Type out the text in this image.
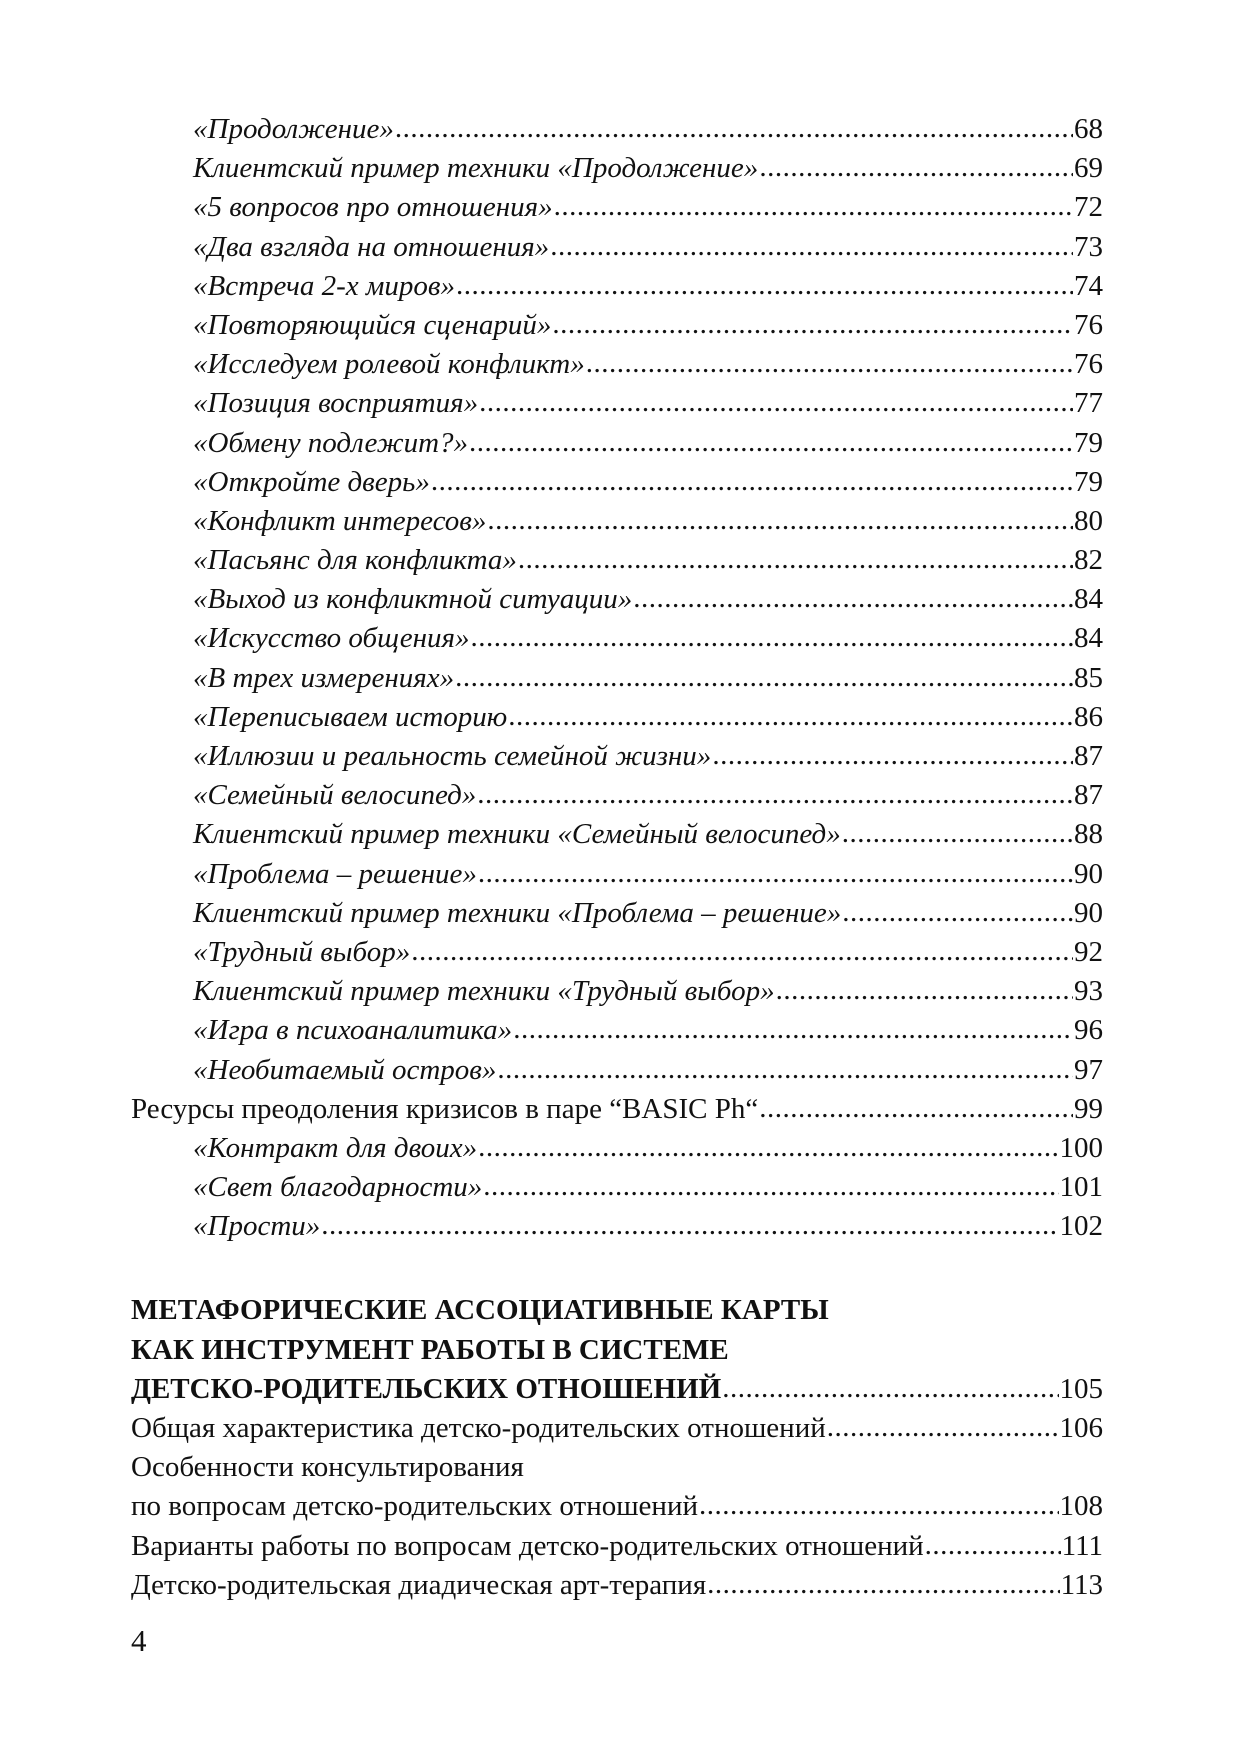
«Продолжение» .....	68
Клиентский пример техники «Продолжение» .....	69
«5 вопросов про отношения» .....	72
«Два взгляда на отношения» .....	73
«Встреча 2-х миров» .....	74
«Повторяющийся сценарий» .....	76
«Исследуем ролевой конфликт» .....	76
«Позиция восприятия» .....	77
«Обмену подлежит?» .....	79
«Откройте дверь» .....	79
«Конфликт интересов» .....	80
«Пасьянс для конфликта» .....	82
«Выход из конфликтной ситуации» .....	84
«Искусство общения» .....	84
«В трех измерениях» .....	85
«Переписываем историю .....	86
«Иллюзии и реальность семейной жизни» .....	87
«Семейный велосипед» .....	87
Клиентский пример техники «Семейный велосипед» .....	88
«Проблема – решение» .....	90
Клиентский пример техники «Проблема – решение» .....	90
«Трудный выбор» .....	92
Клиентский пример техники «Трудный выбор» .....	93
«Игра в психоаналитика» .....	96
«Необитаемый остров» .....	97
Ресурсы преодоления кризисов в паре “BASIC Ph“ .....	99
«Контракт для двоих» .....	100
«Свет благодарности» .....	101
«Прости» .....	102
МЕТАФОРИЧЕСКИЕ АССОЦИАТИВНЫЕ КАРТЫ
КАК ИНСТРУМЕНТ РАБОТЫ В СИСТЕМЕ
ДЕТСКО-РОДИТЕЛЬСКИХ ОТНОШЕНИЙ .....	105
Общая характеристика детско-родительских отношений .....	106
Особенности консультирования
по вопросам детско-родительских отношений .....	108
Варианты работы по вопросам детско-родительских отношений .....	111
Детско-родительская диадическая арт-терапия .....	113
4
